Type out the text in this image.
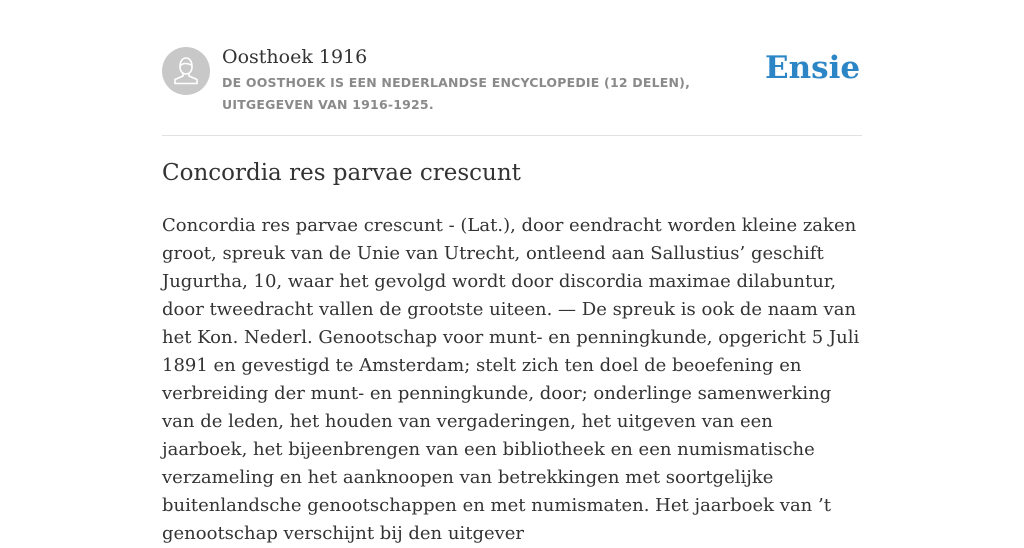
Oosthoek 1916
DE OOSTHOEK IS EEN NEDERLANDSE ENCYCLOPEDIE (12 DELEN), UITGEGEVEN VAN 1916-1925.
Ensie
Concordia res parvae crescunt

Concordia res parvae crescunt - (Lat.), door eendracht worden kleine zaken groot, spreuk van de Unie van Utrecht, ontleend aan Sallustius’ geschift Jugurtha, 10, waar het gevolgd wordt door discordia maximae dilabuntur, door tweedracht vallen de grootste uiteen. — De spreuk is ook de naam van het Kon. Nederl. Genootschap voor munt- en penningkunde, opgericht 5 Juli 1891 en gevestigd te Amsterdam; stelt zich ten doel de beoefening en verbreiding der munt- en penningkunde, door; onderlinge samenwerking van de leden, het houden van vergaderingen, het uitgeven van een jaarboek, het bijeenbrengen van een bibliotheek en een numismatische verzameling en het aanknoopen van betrekkingen met soortgelijke buitenlandsche genootschappen en met numismaten. Het jaarboek van ’t genootschap verschijnt bij den uitgever
